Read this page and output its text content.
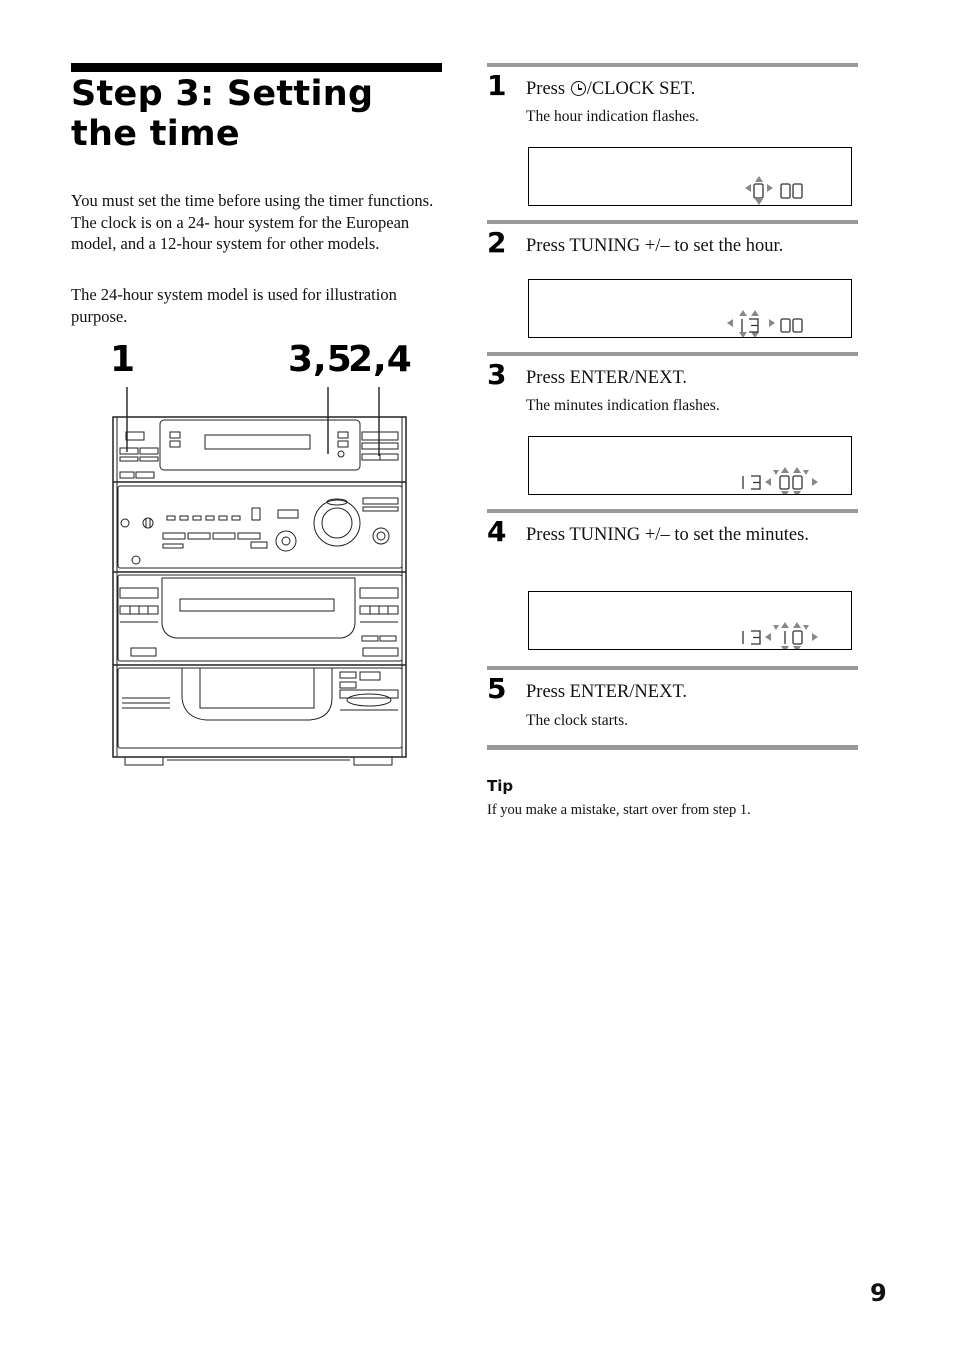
Step 3: Setting the time

You must set the time before using the timer functions. The clock is on a 24- hour system for the European model, and a 12-hour system for other models.

The 24-hour system model is used for illustration purpose.

1	3,5
2,4
1 Press /CLOCK SET.

The hour indication flashes.

2 Press TUNING +/– to set the hour.

3 Press ENTER/NEXT.

The minutes indication flashes.

4 Press TUNING +/– to set the minutes.

5 Press ENTER/NEXT.

The clock starts.

Tip

If you make a mistake, start over from step 1.

9
